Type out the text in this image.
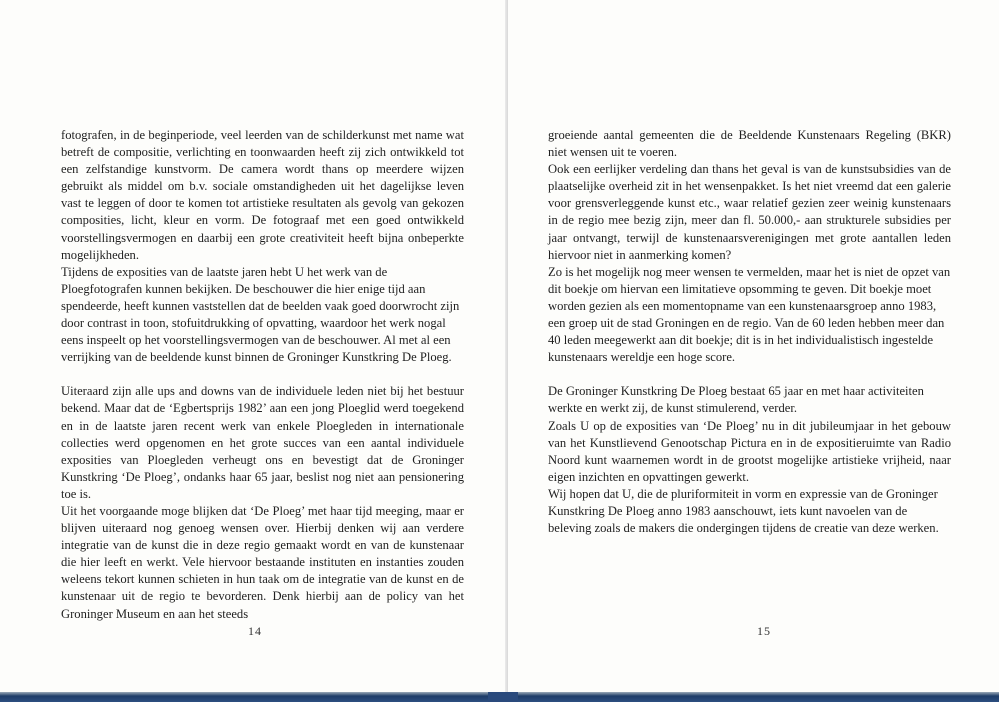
fotografen, in de beginperiode, veel leerden van de schilderkunst met name wat betreft de compositie, verlichting en toonwaarden heeft zij zich ontwikkeld tot een zelfstandige kunstvorm. De camera wordt thans op meerdere wijzen gebruikt als middel om b.v. sociale omstandigheden uit het dagelijkse leven vast te leggen of door te komen tot artistieke resultaten als gevolg van gekozen composities, licht, kleur en vorm. De fotograaf met een goed ontwikkeld voorstellingsvermogen en daarbij een grote creativiteit heeft bijna onbeperkte mogelijkheden.

Tijdens de exposities van de laatste jaren hebt U het werk van de Ploegfotografen kunnen bekijken. De beschouwer die hier enige tijd aan spendeerde, heeft kunnen vaststellen dat de beelden vaak goed doorwrocht zijn door contrast in toon, stofuitdrukking of opvatting, waardoor het werk nogal eens inspeelt op het voorstellingsvermogen van de beschouwer. Al met al een verrijking van de beeldende kunst binnen de Groninger Kunstkring De Ploeg.

Uiteraard zijn alle ups and downs van de individuele leden niet bij het bestuur bekend. Maar dat de ‘Egbertsprijs 1982’ aan een jong Ploeglid werd toegekend en in de laatste jaren recent werk van enkele Ploegleden in internationale collecties werd opgenomen en het grote succes van een aantal individuele exposities van Ploegleden verheugt ons en bevestigt dat de Groninger Kunstkring ‘De Ploeg’, ondanks haar 65 jaar, beslist nog niet aan pensionering toe is.

Uit het voorgaande moge blijken dat ‘De Ploeg’ met haar tijd meeging, maar er blijven uiteraard nog genoeg wensen over. Hierbij denken wij aan verdere integratie van de kunst die in deze regio gemaakt wordt en van de kunstenaar die hier leeft en werkt. Vele hiervoor bestaande instituten en instanties zouden weleens tekort kunnen schieten in hun taak om de integratie van de kunst en de kunstenaar uit de regio te bevorderen. Denk hierbij aan de policy van het Groninger Museum en aan het steeds

14

groeiende aantal gemeenten die de Beeldende Kunstenaars Regeling (BKR) niet wensen uit te voeren.

Ook een eerlijker verdeling dan thans het geval is van de kunstsubsidies van de plaatselijke overheid zit in het wensenpakket. Is het niet vreemd dat een galerie voor grensverleggende kunst etc., waar relatief gezien zeer weinig kunstenaars in de regio mee bezig zijn, meer dan fl. 50.000,- aan strukturele subsidies per jaar ontvangt, terwijl de kunstenaarsverenigingen met grote aantallen leden hiervoor niet in aanmerking komen?

Zo is het mogelijk nog meer wensen te vermelden, maar het is niet de opzet van dit boekje om hiervan een limitatieve opsomming te geven. Dit boekje moet worden gezien als een momentopname van een kunstenaarsgroep anno 1983, een groep uit de stad Groningen en de regio. Van de 60 leden hebben meer dan 40 leden meegewerkt aan dit boekje; dit is in het individualistisch ingestelde kunstenaars wereldje een hoge score.

De Groninger Kunstkring De Ploeg bestaat 65 jaar en met haar activiteiten werkte en werkt zij, de kunst stimulerend, verder.

Zoals U op de exposities van ‘De Ploeg’ nu in dit jubileumjaar in het gebouw van het Kunstlievend Genootschap Pictura en in de expositieruimte van Radio Noord kunt waarnemen wordt in de grootst mogelijke artistieke vrijheid, naar eigen inzichten en opvattingen gewerkt.

Wij hopen dat U, die de pluriformiteit in vorm en expressie van de Groninger Kunstkring De Ploeg anno 1983 aanschouwt, iets kunt navoelen van de beleving zoals de makers die ondergingen tijdens de creatie van deze werken.

15
